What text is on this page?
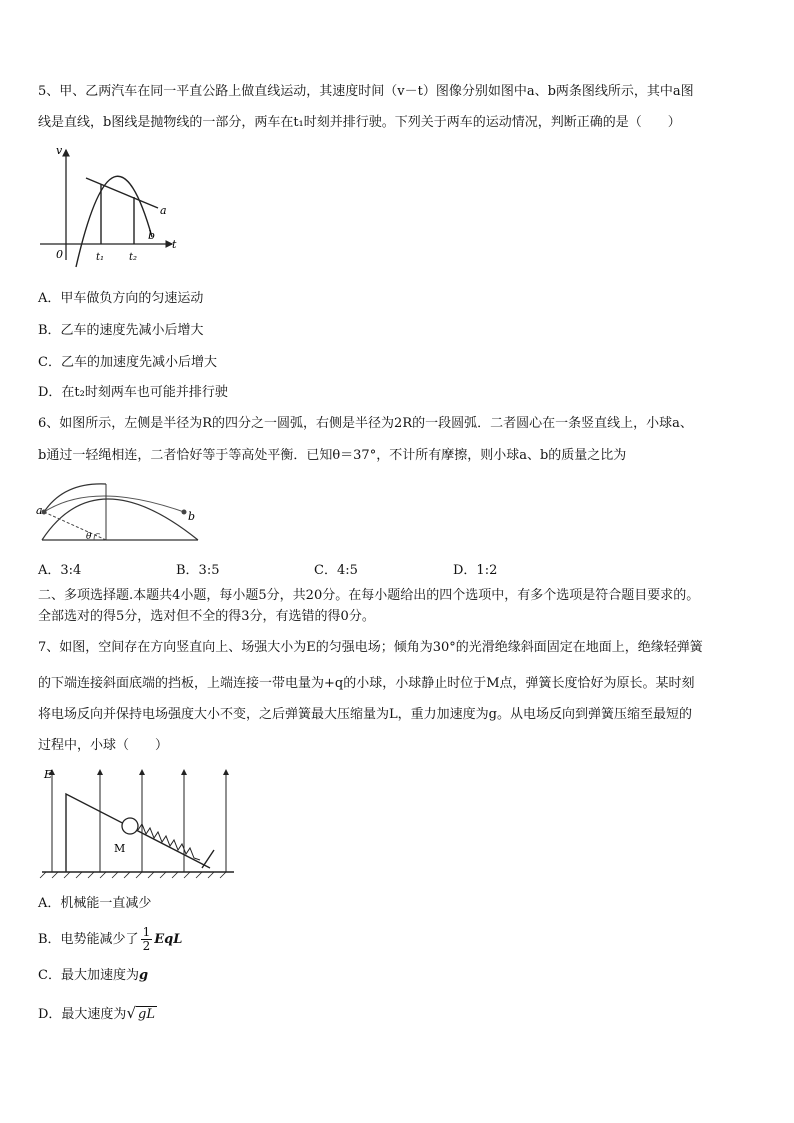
5、甲、乙两汽车在同一平直公路上做直线运动，其速度时间（v－t）图像分别如图中a、b两条图线所示，其中a图
线是直线，b图线是抛物线的一部分，两车在t₁时刻并排行驶。下列关于两车的运动情况，判断正确的是（　　）
v
t
0	t₁ t₂
a
b
A．甲车做负方向的匀速运动
B．乙车的速度先减小后增大
C．乙车的加速度先减小后增大
D．在t₂时刻两车也可能并排行驶
6、如图所示，左侧是半径为R的四分之一圆弧，右侧是半径为2R的一段圆弧．二者圆心在一条竖直线上，小球a、
b通过一轻绳相连，二者恰好等于等高处平衡．已知θ＝37°，不计所有摩擦，则小球a、b的质量之比为
a	b
θ
A．3:4	B．3:5	C．4:5	D．1:2
二、多项选择题.本题共4小题，每小题5分，共20分。在每小题给出的四个选项中，有多个选项是符合题目要求的。
全部选对的得5分，选对但不全的得3分，有选错的得0分。
7、如图，空间存在方向竖直向上、场强大小为E的匀强电场；倾角为30°的光滑绝缘斜面固定在地面上，绝缘轻弹簧
的下端连接斜面底端的挡板，上端连接一带电量为+q的小球，小球静止时位于M点，弹簧长度恰好为原长。某时刻
将电场反向并保持电场强度大小不变，之后弹簧最大压缩量为L，重力加速度为g。从电场反向到弹簧压缩至最短的
过程中，小球（　　）
E
M
A．机械能一直减少
B．电势能减少了 $\frac{1}{2}$ EqL
C．最大加速度为g
D．最大速度为√ gL
